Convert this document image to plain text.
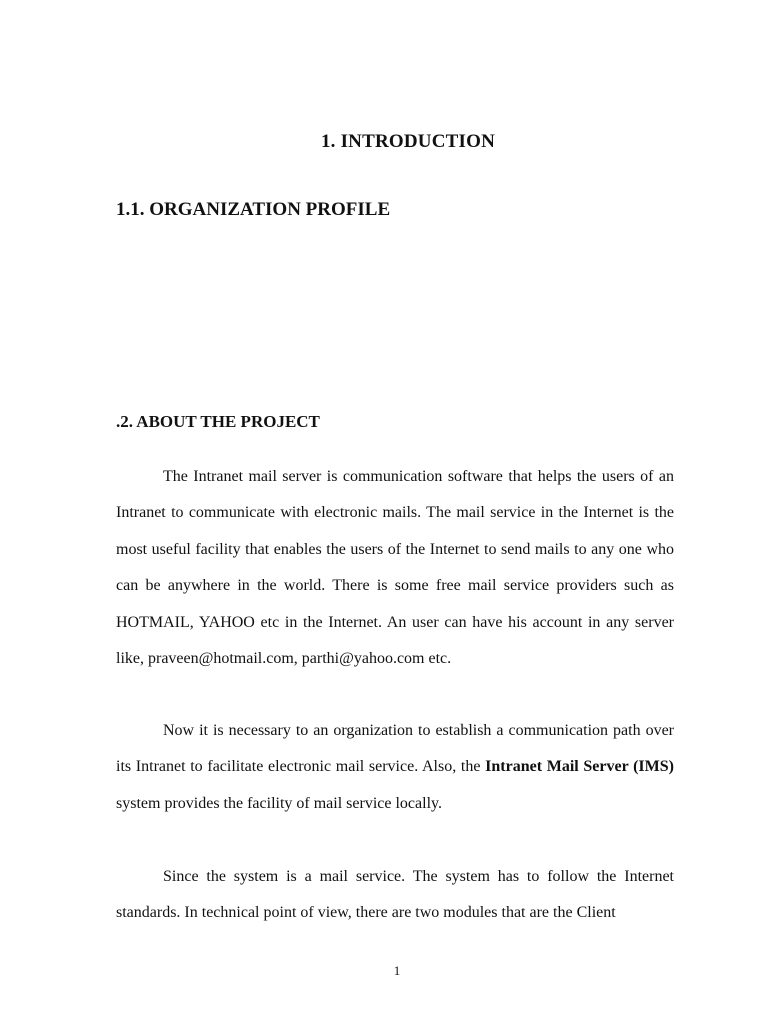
1. INTRODUCTION
1.1. ORGANIZATION PROFILE
.2. ABOUT THE PROJECT

The Intranet mail server is communication software that helps the users of an Intranet to communicate with electronic mails. The mail service in the Internet is the most useful facility that enables the users of the Internet to send mails to any one who can be anywhere in the world. There is some free mail service providers such as HOTMAIL, YAHOO etc in the Internet. An user can have his account in any server like, praveen@hotmail.com, parthi@yahoo.com etc.

Now it is necessary to an organization to establish a communication path over its Intranet to facilitate electronic mail service. Also, the Intranet Mail Server (IMS) system provides the facility of mail service locally.

Since the system is a mail service. The system has to follow the Internet standards. In technical point of view, there are two modules that are the Client

1
